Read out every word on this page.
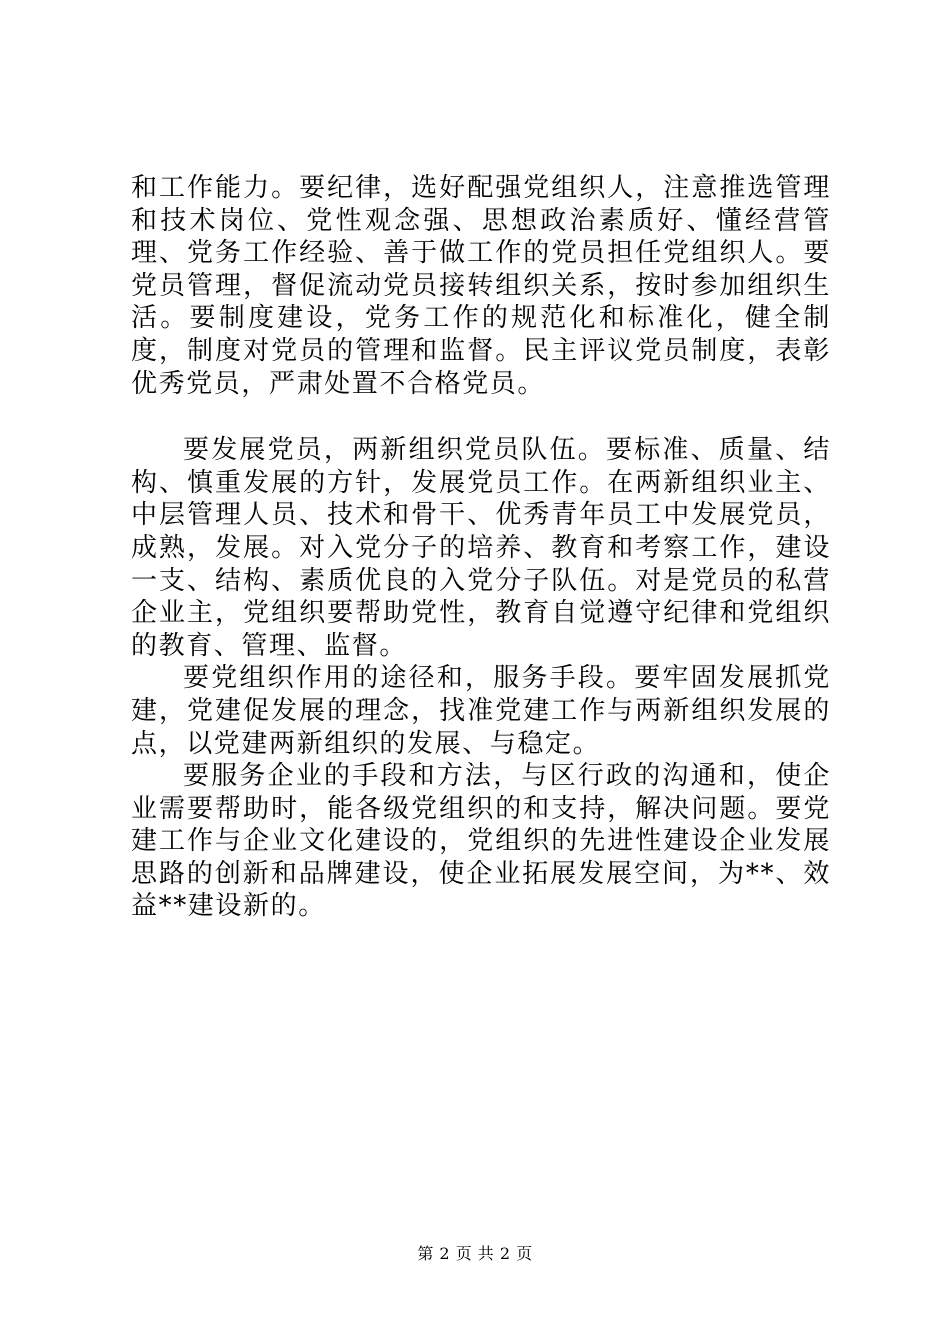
和工作能力。要纪律，选好配强党组织人，注意推选管理和技术岗位、党性观念强、思想政治素质好、懂经营管理、党务工作经验、善于做工作的党员担任党组织人。要党员管理，督促流动党员接转组织关系，按时参加组织生活。要制度建设，党务工作的规范化和标准化，健全制度，制度对党员的管理和监督。民主评议党员制度，表彰优秀党员，严肃处置不合格党员。

要发展党员，两新组织党员队伍。要标准、质量、结构、慎重发展的方针，发展党员工作。在两新组织业主、中层管理人员、技术和骨干、优秀青年员工中发展党员，成熟，发展。对入党分子的培养、教育和考察工作，建设一支、结构、素质优良的入党分子队伍。对是党员的私营企业主，党组织要帮助党性，教育自觉遵守纪律和党组织的教育、管理、监督。

要党组织作用的途径和，服务手段。要牢固发展抓党建，党建促发展的理念，找准党建工作与两新组织发展的点，以党建两新组织的发展、与稳定。

要服务企业的手段和方法，与区行政的沟通和，使企业需要帮助时，能各级党组织的和支持，解决问题。要党建工作与企业文化建设的，党组织的先进性建设企业发展思路的创新和品牌建设，使企业拓展发展空间，为**、效益**建设新的。

第 2 页 共 2 页
